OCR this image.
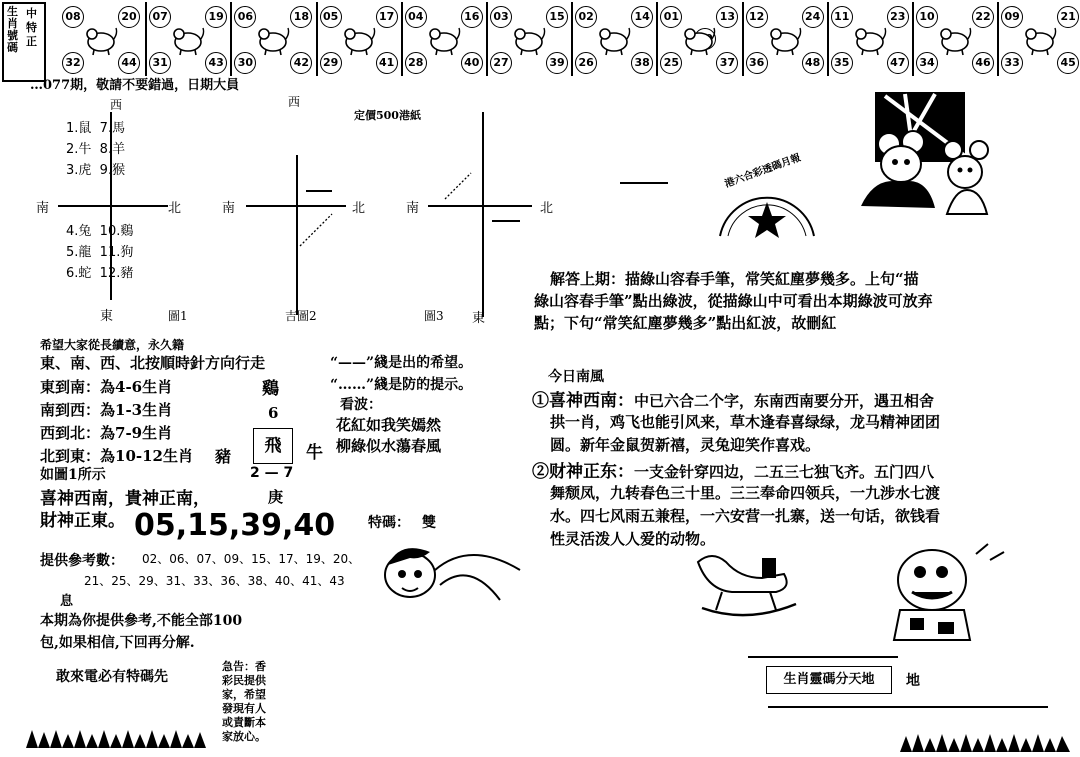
生
肖
號
碼
中
特
正
08	20
32	44
07	19
31	43
06	18
30	42
05	17
29	41
04	16
28	40
03	15
27	39
02	14
26	38
01	13
25	37
12	24
36	48
11	23
35	47
10	22
34	46
09	21
33	45
…077期，敬請不要錯過，日期大員
西
南	北
東
1.鼠 7.馬
2.牛 8.羊
3.虎 9.猴
4.兔 10.鷄
5.龍 11.狗
6.蛇 12.豬
圖1
西
定價500港紙
南	北
吉圖2
南	北
圖3 東
希望大家從長續意，永久籍
東、南、西、北按順時針方向行走	“——”綫是出的希望。
“……”綫是防的提示。
東到南：為4-6生肖
南到西：為1-3生肖
西到北：為7-9生肖
北到東：為10-12生肖 豬
鷄
6
飛	牛
2 — 7
如圖1所示
看波：
花紅如我笑嫣然
柳綠似水蕩春風
喜神西南，貴神正南，	庚
財神正東。 05,15,39,40 特碼： 雙
提供參考數： 02、06、07、09、15、17、19、20、
21、25、29、31、33、36、38、40、41、43
息
本期為你提供參考,不能全部100
包,如果相信,下回再分解.
敢來電必有特碼先
急告：香
彩民提供
家，希望
發現有人
或責斷本
家放心。
港六合彩透碼月報
解答上期：描綠山容春手筆，常笑紅塵夢幾多。上句“描
綠山容春手筆”點出綠波，從描綠山中可看出本期綠波可放弃
點；下句“常笑紅塵夢幾多”點出紅波，故刪紅
今日南風
①喜神西南：中已六合二个字，东南西南要分开，遇丑相舍
拱一肖，鸡飞也能引风来，草木逢春喜绿绿，龙马精神团团
圆。新年金鼠贺新禧，灵兔迎笑作喜戏。
②财神正东：一支金针穿四边，二五三七独飞齐。五门四八
舞颓凤，九转春色三十里。三三奉命四领兵，一九涉水七渡
水。四七风雨五兼程，一六安营一扎寨，送一句话，欲钱看
性灵活泼人人爱的动物。
生肖靈碼分天地	地
